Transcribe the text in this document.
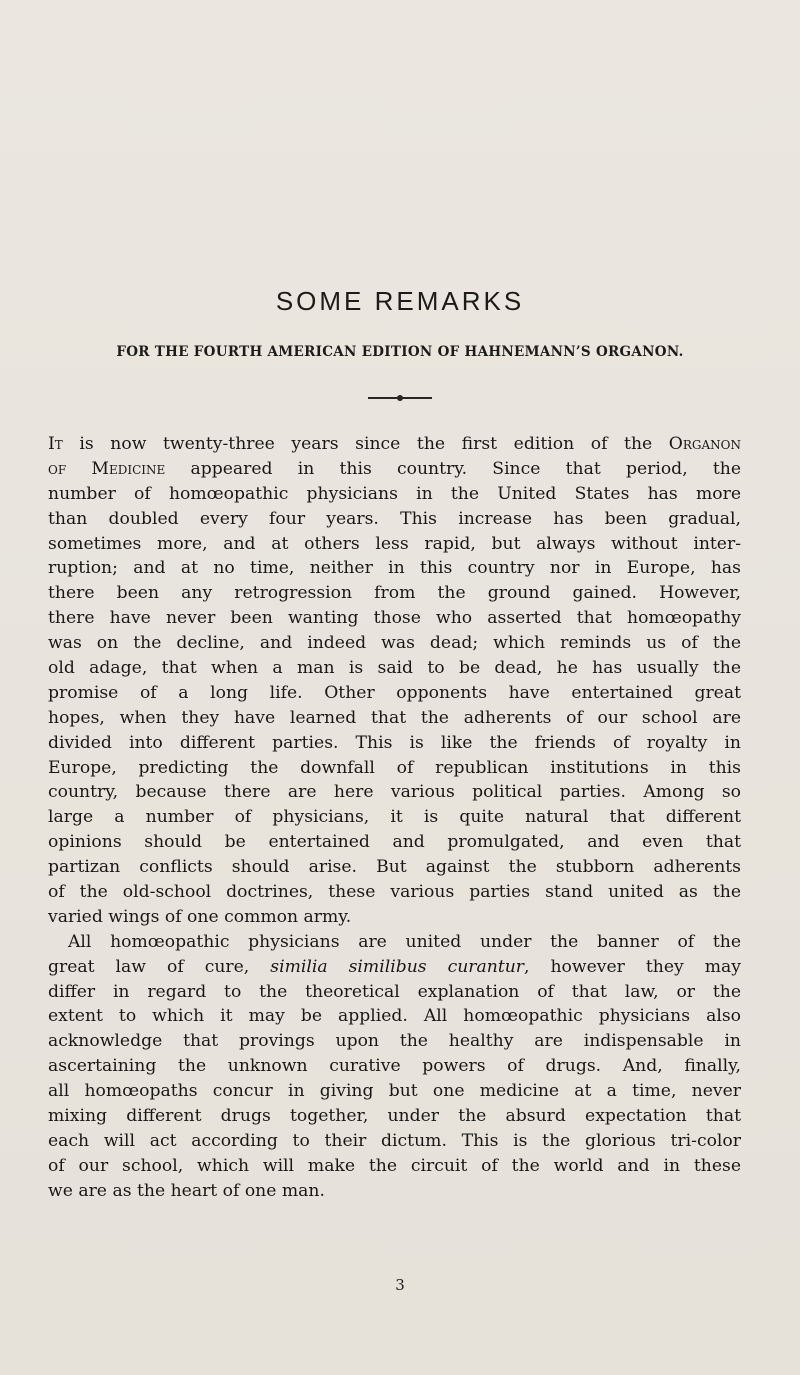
SOME REMARKS
FOR THE FOURTH AMERICAN EDITION OF HAHNEMANN’S ORGANON.
It is now twenty-three years since the first edition of the Organon
of Medicine appeared in this country. Since that period, the
number of homœopathic physicians in the United States has more
than doubled every four years. This increase has been gradual,
sometimes more, and at others less rapid, but always without inter-
ruption; and at no time, neither in this country nor in Europe, has
there been any retrogression from the ground gained. However,
there have never been wanting those who asserted that homœopathy
was on the decline, and indeed was dead; which reminds us of the
old adage, that when a man is said to be dead, he has usually the
promise of a long life. Other opponents have entertained great
hopes, when they have learned that the adherents of our school are
divided into different parties. This is like the friends of royalty in
Europe, predicting the downfall of republican institutions in this
country, because there are here various political parties. Among so
large a number of physicians, it is quite natural that different
opinions should be entertained and promulgated, and even that
partizan conflicts should arise. But against the stubborn adherents
of the old-school doctrines, these various parties stand united as the
varied wings of one common army.
All homœopathic physicians are united under the banner of the
great law of cure, similia similibus curantur, however they may
differ in regard to the theoretical explanation of that law, or the
extent to which it may be applied. All homœopathic physicians also
acknowledge that provings upon the healthy are indispensable in
ascertaining the unknown curative powers of drugs. And, finally,
all homœopaths concur in giving but one medicine at a time, never
mixing different drugs together, under the absurd expectation that
each will act according to their dictum. This is the glorious tri-color
of our school, which will make the circuit of the world and in these
we are as the heart of one man.
3
